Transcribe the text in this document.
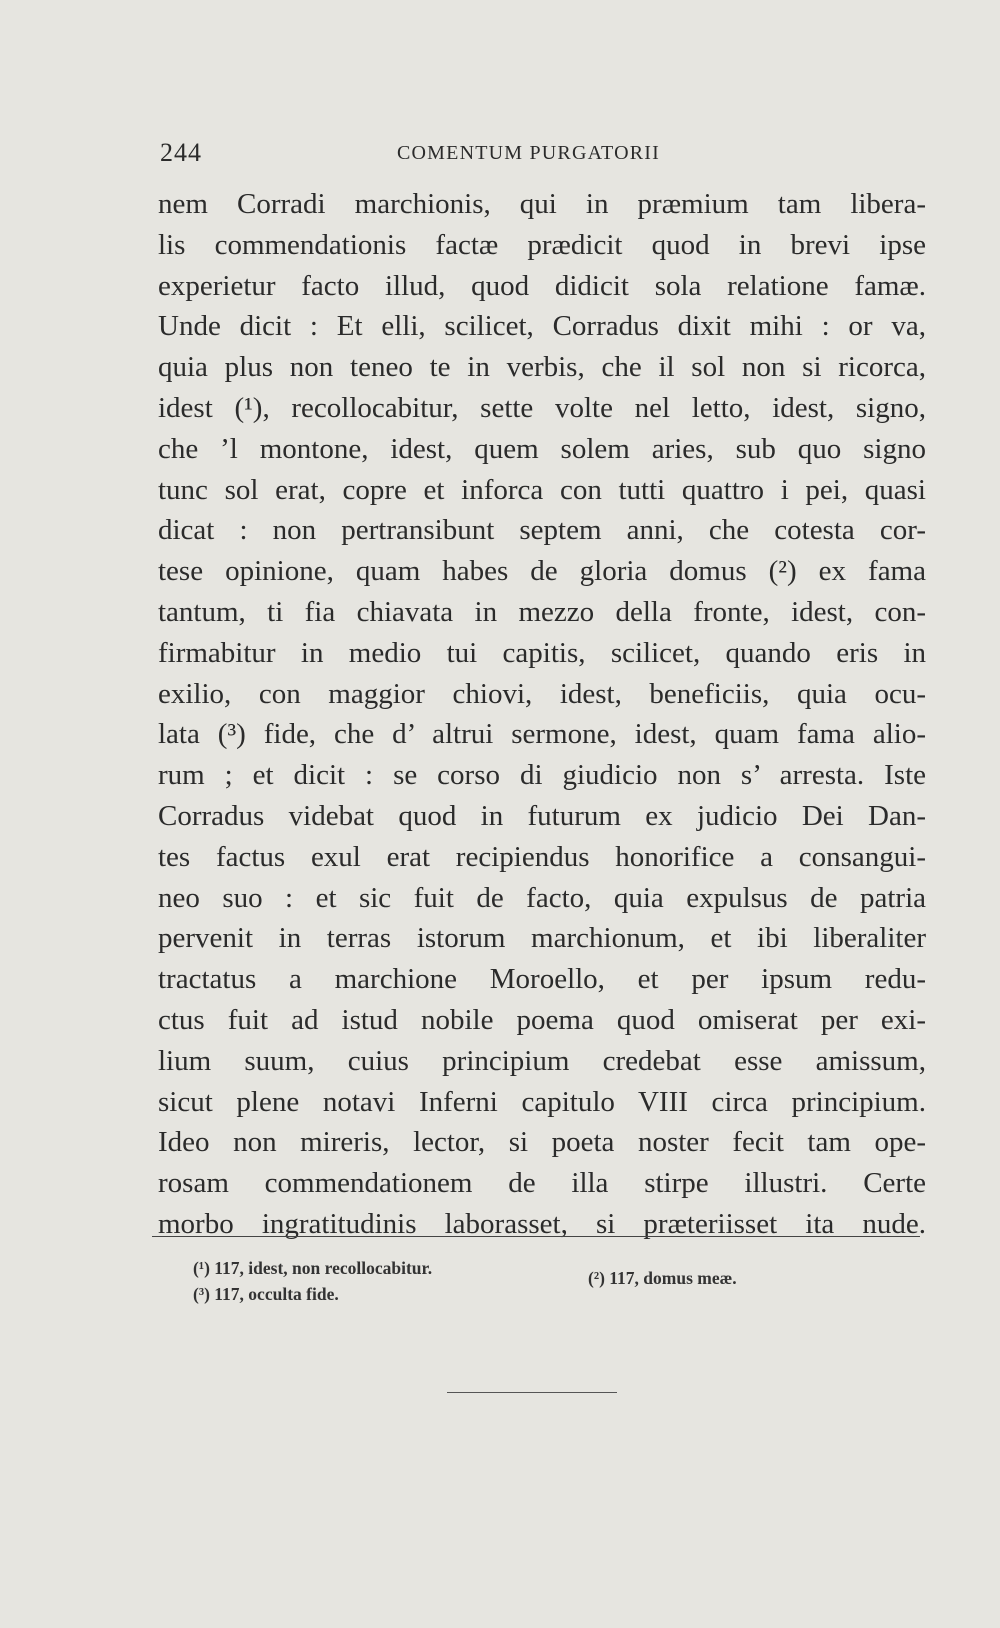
244	COMENTUM PURGATORII
nem Corradi marchionis, qui in præmium tam libera-
lis commendationis factæ prædicit quod in brevi ipse
experietur facto illud, quod didicit sola relatione famæ.
Unde dicit : Et elli, scilicet, Corradus dixit mihi : or va,
quia plus non teneo te in verbis, che il sol non si ricorca,
idest (¹), recollocabitur, sette volte nel letto, idest, signo,
che ’l montone, idest, quem solem aries, sub quo signo
tunc sol erat, copre et inforca con tutti quattro i pei, quasi
dicat : non pertransibunt septem anni, che cotesta cor-
tese opinione, quam habes de gloria domus (²) ex fama
tantum, ti fia chiavata in mezzo della fronte, idest, con-
firmabitur in medio tui capitis, scilicet, quando eris in
exilio, con maggior chiovi, idest, beneficiis, quia ocu-
lata (³) fide, che d’ altrui sermone, idest, quam fama alio-
rum ; et dicit : se corso di giudicio non s’ arresta. Iste
Corradus videbat quod in futurum ex judicio Dei Dan-
tes factus exul erat recipiendus honorifice a consangui-
neo suo : et sic fuit de facto, quia expulsus de patria
pervenit in terras istorum marchionum, et ibi liberaliter
tractatus a marchione Moroello, et per ipsum redu-
ctus fuit ad istud nobile poema quod omiserat per exi-
lium suum, cuius principium credebat esse amissum,
sicut plene notavi Inferni capitulo VIII circa principium.
Ideo non mireris, lector, si poeta noster fecit tam ope-
rosam commendationem de illa stirpe illustri. Certe
morbo ingratitudinis laborasset, si præteriisset ita nude.
(¹) 117, idest, non recollocabitur.	(²) 117, domus meæ.
(³) 117, occulta fide.
